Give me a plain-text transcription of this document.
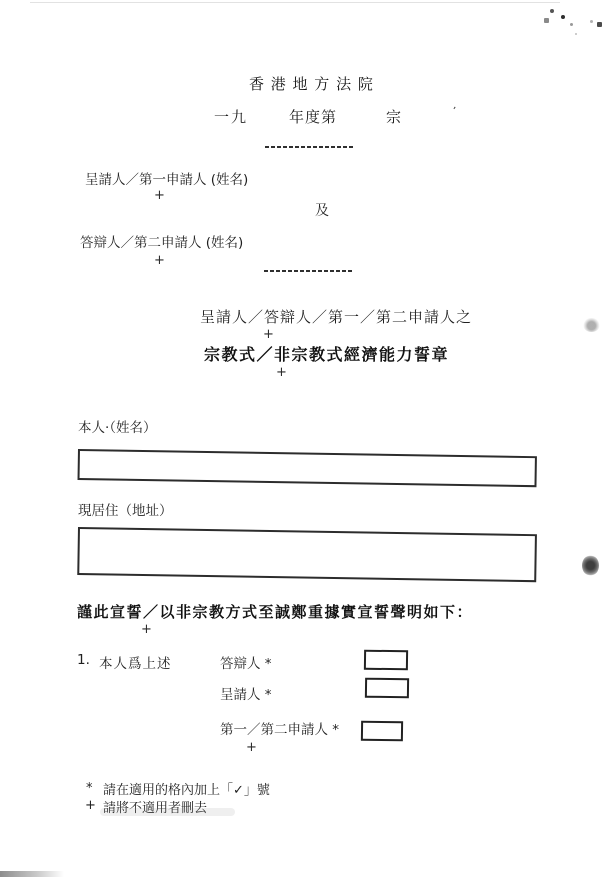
香 港 地 方 法 院
一九	年度第	宗	’
呈請人／第一申請人 (姓名)
+
及
答辯人／第二申請人 (姓名)
+
呈請人／答辯人／第一／第二申請人之
+
宗教式／非宗教式經濟能力誓章
+
本人·（姓名）
現居住（地址）
謹此宣誓／以非宗教方式至誠鄭重據實宣誓聲明如下：
+
1. 本人爲上述	答辯人 *
呈請人 *
第一／第二申請人 *
+
* 請在適用的格內加上「✓」號
+ 請將不適用者刪去
